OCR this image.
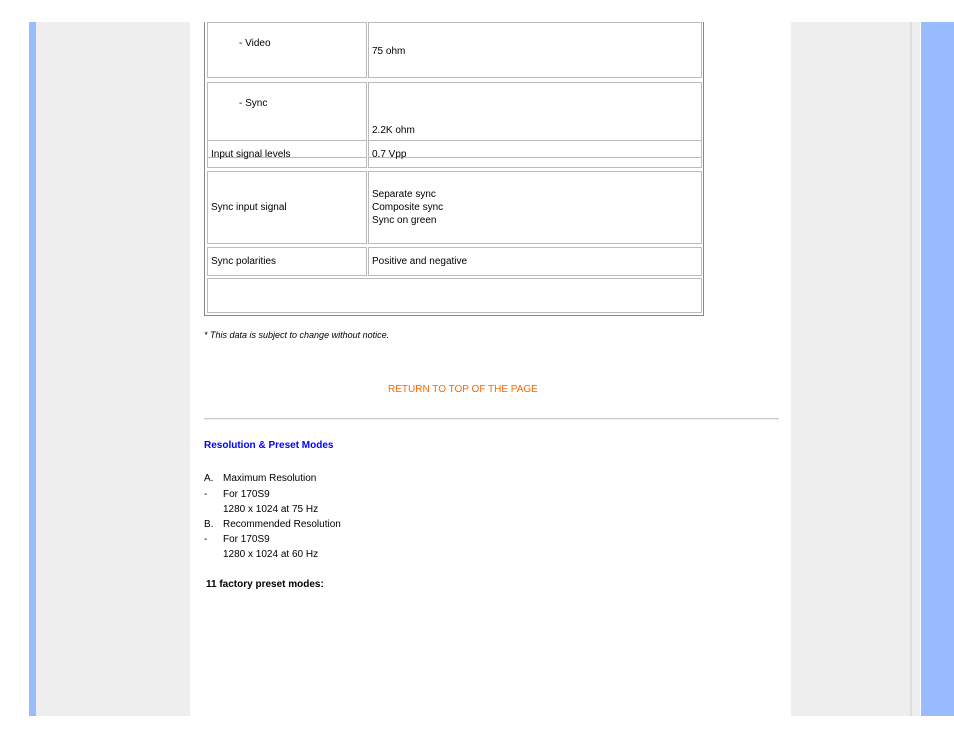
- Video
75 ohm
- Sync
2.2K ohm
Input signal levels	0.7 Vpp
Sync input signal
Separate sync
Composite sync
Sync on green
Sync polarities	Positive and negative
* This data is subject to change without notice.
RETURN TO TOP OF THE PAGE
Resolution & Preset Modes
A. Maximum Resolution
- For 170S9
1280 x 1024 at 75 Hz
B. Recommended Resolution
- For 170S9
1280 x 1024 at 60 Hz
11 factory preset modes:
